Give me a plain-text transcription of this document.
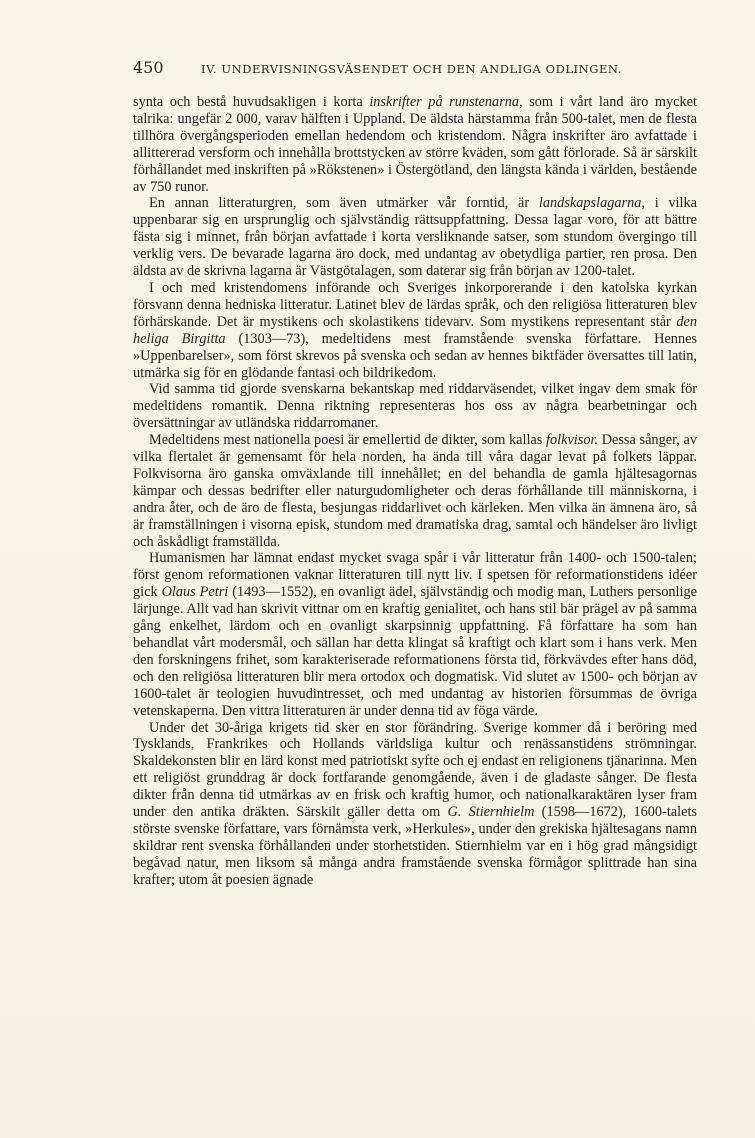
450	IV. UNDERVISNINGSVÄSENDET OCH DEN ANDLIGA ODLINGEN.

synta och bestå huvudsakligen i korta inskrifter på runstenarna, som i vårt land äro mycket talrika: ungefär 2 000, varav hälften i Uppland. De äldsta härstamma från 500-talet, men de flesta tillhöra övergångsperioden emellan hedendom och kristendom. Några inskrifter äro avfattade i allittererad versform och innehålla brottstycken av större kväden, som gått förlorade. Så är särskilt förhållandet med inskriften på »Rökstenen» i Östergötland, den längsta kända i världen, bestående av 750 runor.

En annan litteraturgren, som även utmärker vår forntid, är landskapslagarna, i vilka uppenbarar sig en ursprunglig och självständig rättsuppfattning. Dessa lagar voro, för att bättre fästa sig i minnet, från början avfattade i korta versliknande satser, som stundom övergingo till verklig vers. De bevarade lagarna äro dock, med undantag av obetydliga partier, ren prosa. Den äldsta av de skrivna lagarna är Västgötalagen, som daterar sig från början av 1200-talet.

I och med kristendomens införande och Sveriges inkorporerande i den katolska kyrkan försvann denna hedniska litteratur. Latinet blev de lärdas språk, och den religiösa litteraturen blev förhärskande. Det är mystikens och skolastikens tidevarv. Som mystikens representant står den heliga Birgitta (1303—73), medeltidens mest framstående svenska författare. Hennes »Uppenbarelser», som först skrevos på svenska och sedan av hennes biktfäder översattes till latin, utmärka sig för en glödande fantasi och bildrikedom.

Vid samma tid gjorde svenskarna bekantskap med riddarväsendet, vilket ingav dem smak för medeltidens romantik. Denna riktning representeras hos oss av några bearbetningar och översättningar av utländska riddarromaner.

Medeltidens mest nationella poesi är emellertid de dikter, som kallas folkvisor. Dessa sånger, av vilka flertalet är gemensamt för hela norden, ha ända till våra dagar levat på folkets läppar. Folkvisorna äro ganska omväxlande till innehållet; en del behandla de gamla hjältesagornas kämpar och dessas bedrifter eller naturgudomligheter och deras förhållande till människorna, i andra åter, och de äro de flesta, besjungas riddarlivet och kärleken. Men vilka än ämnena äro, så är framställningen i visorna episk, stundom med dramatiska drag, samtal och händelser äro livligt och åskådligt framställda.

Humanismen har lämnat endast mycket svaga spår i vår litteratur från 1400- och 1500-talen; först genom reformationen vaknar litteraturen till nytt liv. I spetsen för reformationstidens idéer gick Olaus Petri (1493—1552), en ovanligt ädel, självständig och modig man, Luthers personlige lärjunge. Allt vad han skrivit vittnar om en kraftig genialitet, och hans stil bär prägel av på samma gång enkelhet, lärdom och en ovanligt skarpsinnig uppfattning. Få författare ha som han behandlat vårt modersmål, och sällan har detta klingat så kraftigt och klart som i hans verk. Men den forskningens frihet, som karakteriserade reformationens första tid, förkvävdes efter hans död, och den religiösa litteraturen blir mera ortodox och dogmatisk. Vid slutet av 1500- och början av 1600-talet är teologien huvudintresset, och med undantag av historien försummas de övriga vetenskaperna. Den vittra litteraturen är under denna tid av föga värde.

Under det 30-åriga krigets tid sker en stor förändring. Sverige kommer då i beröring med Tysklands, Frankrikes och Hollands världsliga kultur och renässanstidens strömningar. Skaldekonsten blir en lärd konst med patriotiskt syfte och ej endast en religionens tjänarinna. Men ett religiöst grunddrag är dock fortfarande genomgående, även i de gladaste sånger. De flesta dikter från denna tid utmärkas av en frisk och kraftig humor, och nationalkaraktären lyser fram under den antika dräkten. Särskilt gäller detta om G. Stiernhielm (1598—1672), 1600-talets störste svenske författare, vars förnämsta verk, »Herkules», under den grekiska hjältesagans namn skildrar rent svenska förhållanden under storhetstiden. Stiernhielm var en i hög grad mångsidigt begåvad natur, men liksom så många andra framstående svenska förmågor splittrade han sina krafter; utom åt poesien ägnade
